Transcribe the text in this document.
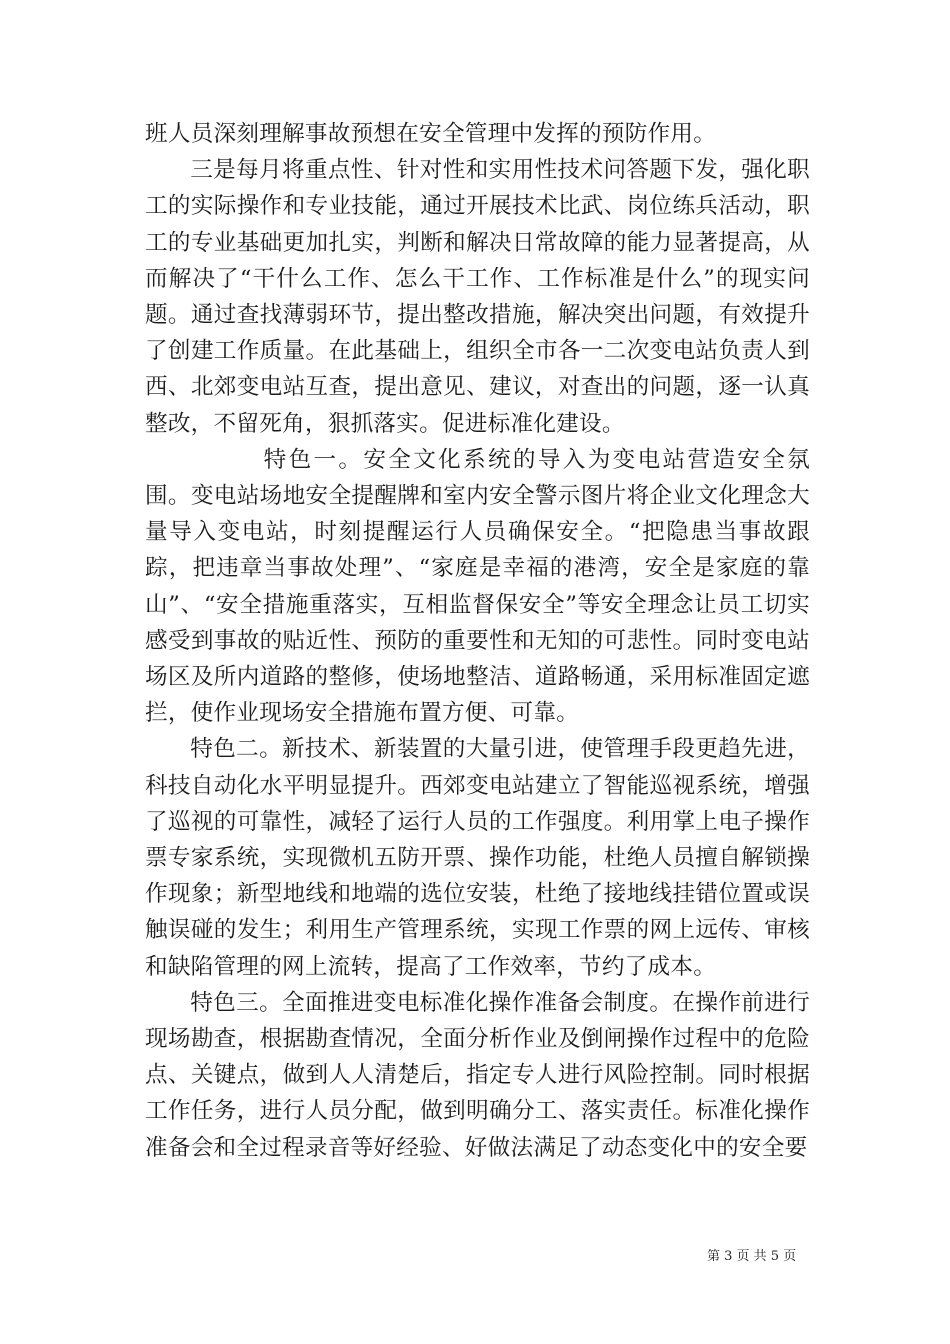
班人员深刻理解事故预想在安全管理中发挥的预防作用。

三是每月将重点性、针对性和实用性技术问答题下发，强化职工的实际操作和专业技能，通过开展技术比武、岗位练兵活动，职工的专业基础更加扎实，判断和解决日常故障的能力显著提高，从而解决了“干什么工作、怎么干工作、工作标准是什么”的现实问题。通过查找薄弱环节，提出整改措施，解决突出问题，有效提升了创建工作质量。在此基础上，组织全市各一二次变电站负责人到西、北郊变电站互查，提出意见、建议，对查出的问题，逐一认真整改，不留死角，狠抓落实。促进标准化建设。

特色一。安全文化系统的导入为变电站营造安全氛围。变电站场地安全提醒牌和室内安全警示图片将企业文化理念大量导入变电站，时刻提醒运行人员确保安全。“把隐患当事故跟踪，把违章当事故处理”、“家庭是幸福的港湾，安全是家庭的靠山”、“安全措施重落实，互相监督保安全”等安全理念让员工切实感受到事故的贴近性、预防的重要性和无知的可悲性。同时变电站场区及所内道路的整修，使场地整洁、道路畅通，采用标准固定遮拦，使作业现场安全措施布置方便、可靠。

特色二。新技术、新装置的大量引进，使管理手段更趋先进，科技自动化水平明显提升。西郊变电站建立了智能巡视系统，增强了巡视的可靠性，减轻了运行人员的工作强度。利用掌上电子操作票专家系统，实现微机五防开票、操作功能，杜绝人员擅自解锁操作现象；新型地线和地端的选位安装，杜绝了接地线挂错位置或误触误碰的发生；利用生产管理系统，实现工作票的网上远传、审核和缺陷管理的网上流转，提高了工作效率，节约了成本。

特色三。全面推进变电标准化操作准备会制度。在操作前进行现场勘查，根据勘查情况，全面分析作业及倒闸操作过程中的危险点、关键点，做到人人清楚后，指定专人进行风险控制。同时根据工作任务，进行人员分配，做到明确分工、落实责任。标准化操作准备会和全过程录音等好经验、好做法满足了动态变化中的安全要

第 3 页 共 5 页
